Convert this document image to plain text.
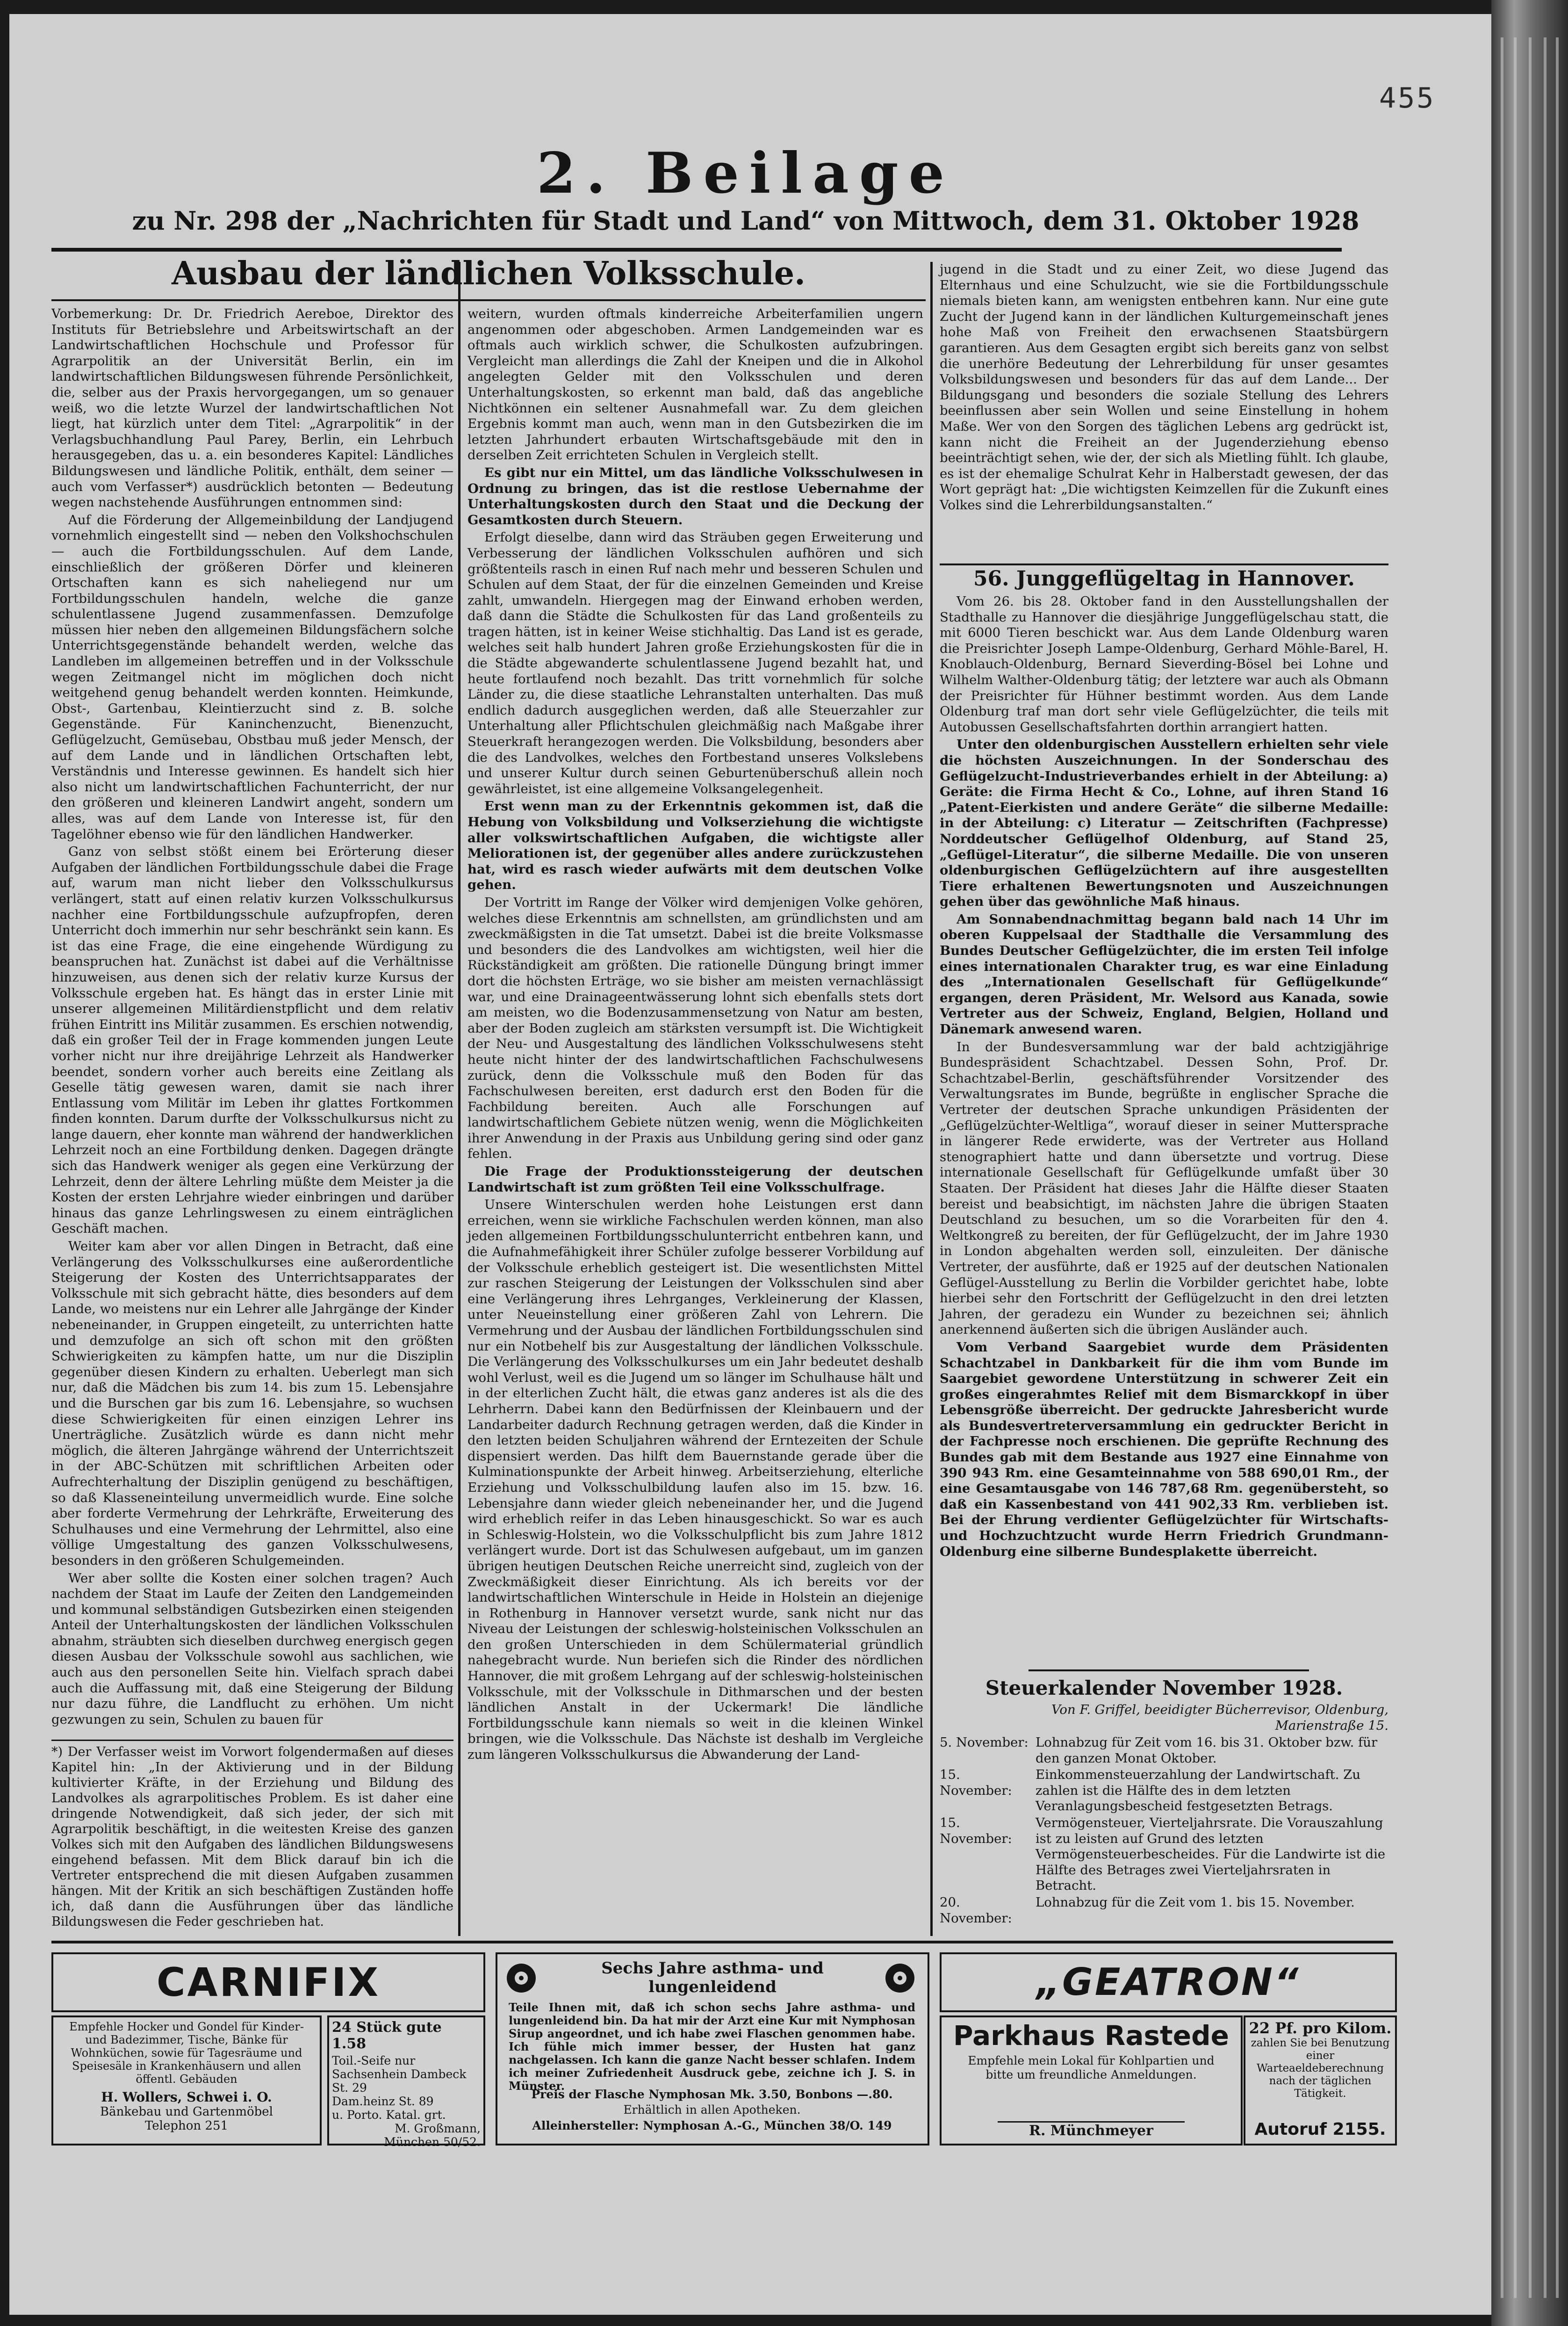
455
2. Beilage
zu Nr. 298 der „Nachrichten für Stadt und Land“ von Mittwoch, dem 31. Oktober 1928
Ausbau der ländlichen Volksschule.

Vorbemerkung: Dr. Dr. Friedrich Aereboe, Direktor des Instituts für Betriebslehre und Arbeitswirtschaft an der Landwirtschaftlichen Hochschule und Professor für Agrarpolitik an der Universität Berlin, ein im landwirtschaftlichen Bildungswesen führende Persönlichkeit, die, selber aus der Praxis hervorgegangen, um so genauer weiß, wo die letzte Wurzel der landwirtschaftlichen Not liegt, hat kürzlich unter dem Titel: „Agrarpolitik“ in der Verlagsbuchhandlung Paul Parey, Berlin, ein Lehrbuch herausgegeben, das u. a. ein besonderes Kapitel: Ländliches Bildungswesen und ländliche Politik, enthält, dem seiner — auch vom Verfasser*) ausdrücklich betonten — Bedeutung wegen nachstehende Ausführungen entnommen sind:

Auf die Förderung der Allgemeinbildung der Landjugend vornehmlich eingestellt sind — neben den Volkshochschulen — auch die Fortbildungsschulen. Auf dem Lande, einschließlich der größeren Dörfer und kleineren Ortschaften kann es sich naheliegend nur um Fortbildungsschulen handeln, welche die ganze schulentlassene Jugend zusammenfassen. Demzufolge müssen hier neben den allgemeinen Bildungsfächern solche Unterrichtsgegenstände behandelt werden, welche das Landleben im allgemeinen betreffen und in der Volksschule wegen Zeitmangel nicht im möglichen doch nicht weitgehend genug behandelt werden konnten. Heimkunde, Obst-, Gartenbau, Kleintierzucht sind z. B. solche Gegenstände. Für Kaninchenzucht, Bienenzucht, Geflügelzucht, Gemüsebau, Obstbau muß jeder Mensch, der auf dem Lande und in ländlichen Ortschaften lebt, Verständnis und Interesse gewinnen. Es handelt sich hier also nicht um landwirtschaftlichen Fachunterricht, der nur den größeren und kleineren Landwirt angeht, sondern um alles, was auf dem Lande von Interesse ist, für den Tagelöhner ebenso wie für den ländlichen Handwerker.

Ganz von selbst stößt einem bei Erörterung dieser Aufgaben der ländlichen Fortbildungsschule dabei die Frage auf, warum man nicht lieber den Volksschulkursus verlängert, statt auf einen relativ kurzen Volksschulkursus nachher eine Fortbildungsschule aufzupfropfen, deren Unterricht doch immerhin nur sehr beschränkt sein kann. Es ist das eine Frage, die eine eingehende Würdigung zu beanspruchen hat. Zunächst ist dabei auf die Verhältnisse hinzuweisen, aus denen sich der relativ kurze Kursus der Volksschule ergeben hat. Es hängt das in erster Linie mit unserer allgemeinen Militärdienstpflicht und dem relativ frühen Eintritt ins Militär zusammen. Es erschien notwendig, daß ein großer Teil der in Frage kommenden jungen Leute vorher nicht nur ihre dreijährige Lehrzeit als Handwerker beendet, sondern vorher auch bereits eine Zeitlang als Geselle tätig gewesen waren, damit sie nach ihrer Entlassung vom Militär im Leben ihr glattes Fortkommen finden konnten. Darum durfte der Volksschulkursus nicht zu lange dauern, eher konnte man während der handwerklichen Lehrzeit noch an eine Fortbildung denken. Dagegen drängte sich das Handwerk weniger als gegen eine Verkürzung der Lehrzeit, denn der ältere Lehrling müßte dem Meister ja die Kosten der ersten Lehrjahre wieder einbringen und darüber hinaus das ganze Lehrlingswesen zu einem einträglichen Geschäft machen.

Weiter kam aber vor allen Dingen in Betracht, daß eine Verlängerung des Volksschulkurses eine außerordentliche Steigerung der Kosten des Unterrichtsapparates der Volksschule mit sich gebracht hätte, dies besonders auf dem Lande, wo meistens nur ein Lehrer alle Jahrgänge der Kinder nebeneinander, in Gruppen eingeteilt, zu unterrichten hatte und demzufolge an sich oft schon mit den größten Schwierigkeiten zu kämpfen hatte, um nur die Disziplin gegenüber diesen Kindern zu erhalten. Ueberlegt man sich nur, daß die Mädchen bis zum 14. bis zum 15. Lebensjahre und die Burschen gar bis zum 16. Lebensjahre, so wuchsen diese Schwierigkeiten für einen einzigen Lehrer ins Unerträgliche. Zusätzlich würde es dann nicht mehr möglich, die älteren Jahrgänge während der Unterrichtszeit in der ABC-Schützen mit schriftlichen Arbeiten oder Aufrechterhaltung der Disziplin genügend zu beschäftigen, so daß Klasseneinteilung unvermeidlich wurde. Eine solche aber forderte Vermehrung der Lehrkräfte, Erweiterung des Schulhauses und eine Vermehrung der Lehrmittel, also eine völlige Umgestaltung des ganzen Volksschulwesens, besonders in den größeren Schulgemeinden.

Wer aber sollte die Kosten einer solchen tragen? Auch nachdem der Staat im Laufe der Zeiten den Landgemeinden und kommunal selbständigen Gutsbezirken einen steigenden Anteil der Unterhaltungskosten der ländlichen Volksschulen abnahm, sträubten sich dieselben durchweg energisch gegen diesen Ausbau der Volksschule sowohl aus sachlichen, wie auch aus den personellen Seite hin. Vielfach sprach dabei auch die Auffassung mit, daß eine Steigerung der Bildung nur dazu führe, die Landflucht zu erhöhen. Um nicht gezwungen zu sein, Schulen zu bauen für

*) Der Verfasser weist im Vorwort folgendermaßen auf dieses Kapitel hin: „In der Aktivierung und in der Bildung kultivierter Kräfte, in der Erziehung und Bildung des Landvolkes als agrarpolitisches Problem. Es ist daher eine dringende Notwendigkeit, daß sich jeder, der sich mit Agrarpolitik beschäftigt, in die weitesten Kreise des ganzen Volkes sich mit den Aufgaben des ländlichen Bildungswesens eingehend befassen. Mit dem Blick darauf bin ich die Vertreter entsprechend die mit diesen Aufgaben zusammen hängen. Mit der Kritik an sich beschäftigen Zuständen hoffe ich, daß dann die Ausführungen über das ländliche Bildungswesen die Feder geschrieben hat.

weitern, wurden oftmals kinderreiche Arbeiterfamilien ungern angenommen oder abgeschoben. Armen Landgemeinden war es oftmals auch wirklich schwer, die Schulkosten aufzubringen. Vergleicht man allerdings die Zahl der Kneipen und die in Alkohol angelegten Gelder mit den Volksschulen und deren Unterhaltungskosten, so erkennt man bald, daß das angebliche Nichtkönnen ein seltener Ausnahmefall war. Zu dem gleichen Ergebnis kommt man auch, wenn man in den Gutsbezirken die im letzten Jahrhundert erbauten Wirtschaftsgebäude mit den in derselben Zeit errichteten Schulen in Vergleich stellt.

Es gibt nur ein Mittel, um das ländliche Volksschulwesen in Ordnung zu bringen, das ist die restlose Uebernahme der Unterhaltungskosten durch den Staat und die Deckung der Gesamtkosten durch Steuern.

Erfolgt dieselbe, dann wird das Sträuben gegen Erweiterung und Verbesserung der ländlichen Volksschulen aufhören und sich größtenteils rasch in einen Ruf nach mehr und besseren Schulen und Schulen auf dem Staat, der für die einzelnen Gemeinden und Kreise zahlt, umwandeln. Hiergegen mag der Einwand erhoben werden, daß dann die Städte die Schulkosten für das Land großenteils zu tragen hätten, ist in keiner Weise stichhaltig. Das Land ist es gerade, welches seit halb hundert Jahren große Erziehungskosten für die in die Städte abgewanderte schulentlassene Jugend bezahlt hat, und heute fortlaufend noch bezahlt. Das tritt vornehmlich für solche Länder zu, die diese staatliche Lehranstalten unterhalten. Das muß endlich dadurch ausgeglichen werden, daß alle Steuerzahler zur Unterhaltung aller Pflichtschulen gleichmäßig nach Maßgabe ihrer Steuerkraft herangezogen werden. Die Volksbildung, besonders aber die des Landvolkes, welches den Fortbestand unseres Volkslebens und unserer Kultur durch seinen Geburtenüberschuß allein noch gewährleistet, ist eine allgemeine Volksangelegenheit.

Erst wenn man zu der Erkenntnis gekommen ist, daß die Hebung von Volksbildung und Volkserziehung die wichtigste aller volkswirtschaftlichen Aufgaben, die wichtigste aller Meliorationen ist, der gegenüber alles andere zurückzustehen hat, wird es rasch wieder aufwärts mit dem deutschen Volke gehen.

Der Vortritt im Range der Völker wird demjenigen Volke gehören, welches diese Erkenntnis am schnellsten, am gründlichsten und am zweckmäßigsten in die Tat umsetzt. Dabei ist die breite Volksmasse und besonders die des Landvolkes am wichtigsten, weil hier die Rückständigkeit am größten. Die rationelle Düngung bringt immer dort die höchsten Erträge, wo sie bisher am meisten vernachlässigt war, und eine Drainageentwässerung lohnt sich ebenfalls stets dort am meisten, wo die Bodenzusammensetzung von Natur am besten, aber der Boden zugleich am stärksten versumpft ist. Die Wichtigkeit der Neu- und Ausgestaltung des ländlichen Volksschulwesens steht heute nicht hinter der des landwirtschaftlichen Fachschulwesens zurück, denn die Volksschule muß den Boden für das Fachschulwesen bereiten, erst dadurch erst den Boden für die Fachbildung bereiten. Auch alle Forschungen auf landwirtschaftlichem Gebiete nützen wenig, wenn die Möglichkeiten ihrer Anwendung in der Praxis aus Unbildung gering sind oder ganz fehlen.

Die Frage der Produktionssteigerung der deutschen Landwirtschaft ist zum größten Teil eine Volksschulfrage.

Unsere Winterschulen werden hohe Leistungen erst dann erreichen, wenn sie wirkliche Fachschulen werden können, man also jeden allgemeinen Fortbildungsschulunterricht entbehren kann, und die Aufnahmefähigkeit ihrer Schüler zufolge besserer Vorbildung auf der Volksschule erheblich gesteigert ist. Die wesentlichsten Mittel zur raschen Steigerung der Leistungen der Volksschulen sind aber eine Verlängerung ihres Lehrganges, Verkleinerung der Klassen, unter Neueinstellung einer größeren Zahl von Lehrern. Die Vermehrung und der Ausbau der ländlichen Fortbildungsschulen sind nur ein Notbehelf bis zur Ausgestaltung der ländlichen Volksschule. Die Verlängerung des Volksschulkurses um ein Jahr bedeutet deshalb wohl Verlust, weil es die Jugend um so länger im Schulhause hält und in der elterlichen Zucht hält, die etwas ganz anderes ist als die des Lehrherrn. Dabei kann den Bedürfnissen der Kleinbauern und der Landarbeiter dadurch Rechnung getragen werden, daß die Kinder in den letzten beiden Schuljahren während der Erntezeiten der Schule dispensiert werden. Das hilft dem Bauernstande gerade über die Kulminationspunkte der Arbeit hinweg. Arbeitserziehung, elterliche Erziehung und Volksschulbildung laufen also im 15. bzw. 16. Lebensjahre dann wieder gleich nebeneinander her, und die Jugend wird erheblich reifer in das Leben hinausgeschickt. So war es auch in Schleswig-Holstein, wo die Volksschulpflicht bis zum Jahre 1812 verlängert wurde. Dort ist das Schulwesen aufgebaut, um im ganzen übrigen heutigen Deutschen Reiche unerreicht sind, zugleich von der Zweckmäßigkeit dieser Einrichtung. Als ich bereits vor der landwirtschaftlichen Winterschule in Heide in Holstein an diejenige in Rothenburg in Hannover versetzt wurde, sank nicht nur das Niveau der Leistungen der schleswig-holsteinischen Volksschulen an den großen Unterschieden in dem Schülermaterial gründlich nahegebracht wurde. Nun beriefen sich die Rinder des nördlichen Hannover, die mit großem Lehrgang auf der schleswig-holsteinischen Volksschule, mit der Volksschule in Dithmarschen und der besten ländlichen Anstalt in der Uckermark! Die ländliche Fortbildungsschule kann niemals so weit in die kleinen Winkel bringen, wie die Volksschule. Das Nächste ist deshalb im Vergleiche zum längeren Volksschulkursus die Abwanderung der Land-

jugend in die Stadt und zu einer Zeit, wo diese Jugend das Elternhaus und eine Schulzucht, wie sie die Fortbildungsschule niemals bieten kann, am wenigsten entbehren kann. Nur eine gute Zucht der Jugend kann in der ländlichen Kulturgemeinschaft jenes hohe Maß von Freiheit den erwachsenen Staatsbürgern garantieren. Aus dem Gesagten ergibt sich bereits ganz von selbst die unerhöre Bedeutung der Lehrerbildung für unser gesamtes Volksbildungswesen und besonders für das auf dem Lande... Der Bildungsgang und besonders die soziale Stellung des Lehrers beeinflussen aber sein Wollen und seine Einstellung in hohem Maße. Wer von den Sorgen des täglichen Lebens arg gedrückt ist, kann nicht die Freiheit an der Jugenderziehung ebenso beeinträchtigt sehen, wie der, der sich als Mietling fühlt. Ich glaube, es ist der ehemalige Schulrat Kehr in Halberstadt gewesen, der das Wort geprägt hat: „Die wichtigsten Keimzellen für die Zukunft eines Volkes sind die Lehrerbildungsanstalten.“
56. Junggeflügeltag in Hannover.

Vom 26. bis 28. Oktober fand in den Ausstellungshallen der Stadthalle zu Hannover die diesjährige Junggeflügelschau statt, die mit 6000 Tieren beschickt war. Aus dem Lande Oldenburg waren die Preisrichter Joseph Lampe-Oldenburg, Gerhard Möhle-Barel, H. Knoblauch-Oldenburg, Bernard Sieverding-Bösel bei Lohne und Wilhelm Walther-Oldenburg tätig; der letztere war auch als Obmann der Preisrichter für Hühner bestimmt worden. Aus dem Lande Oldenburg traf man dort sehr viele Geflügelzüchter, die teils mit Autobussen Gesellschaftsfahrten dorthin arrangiert hatten.

Unter den oldenburgischen Ausstellern erhielten sehr viele die höchsten Auszeichnungen. In der Sonderschau des Geflügelzucht-Industrieverbandes erhielt in der Abteilung: a) Geräte: die Firma Hecht & Co., Lohne, auf ihren Stand 16 „Patent-Eierkisten und andere Geräte“ die silberne Medaille: in der Abteilung: c) Literatur — Zeitschriften (Fachpresse) Norddeutscher Geflügelhof Oldenburg, auf Stand 25, „Geflügel-Literatur“, die silberne Medaille. Die von unseren oldenburgischen Geflügelzüchtern auf ihre ausgestellten Tiere erhaltenen Bewertungsnoten und Auszeichnungen gehen über das gewöhnliche Maß hinaus.

Am Sonnabendnachmittag begann bald nach 14 Uhr im oberen Kuppelsaal der Stadthalle die Versammlung des Bundes Deutscher Geflügelzüchter, die im ersten Teil infolge eines internationalen Charakter trug, es war eine Einladung des „Internationalen Gesellschaft für Geflügelkunde“ ergangen, deren Präsident, Mr. Welsord aus Kanada, sowie Vertreter aus der Schweiz, England, Belgien, Holland und Dänemark anwesend waren.

In der Bundesversammlung war der bald achtzigjährige Bundespräsident Schachtzabel. Dessen Sohn, Prof. Dr. Schachtzabel-Berlin, geschäftsführender Vorsitzender des Verwaltungsrates im Bunde, begrüßte in englischer Sprache die Vertreter der deutschen Sprache unkundigen Präsidenten der „Geflügelzüchter-Weltliga“, worauf dieser in seiner Muttersprache in längerer Rede erwiderte, was der Vertreter aus Holland stenographiert hatte und dann übersetzte und vortrug. Diese internationale Gesellschaft für Geflügelkunde umfaßt über 30 Staaten. Der Präsident hat dieses Jahr die Hälfte dieser Staaten bereist und beabsichtigt, im nächsten Jahre die übrigen Staaten Deutschland zu besuchen, um so die Vorarbeiten für den 4. Weltkongreß zu bereiten, der für Geflügelzucht, der im Jahre 1930 in London abgehalten werden soll, einzuleiten. Der dänische Vertreter, der ausführte, daß er 1925 auf der deutschen Nationalen Geflügel-Ausstellung zu Berlin die Vorbilder gerichtet habe, lobte hierbei sehr den Fortschritt der Geflügelzucht in den drei letzten Jahren, der geradezu ein Wunder zu bezeichnen sei; ähnlich anerkennend äußerten sich die übrigen Ausländer auch.

Vom Verband Saargebiet wurde dem Präsidenten Schachtzabel in Dankbarkeit für die ihm vom Bunde im Saargebiet gewordene Unterstützung in schwerer Zeit ein großes eingerahmtes Relief mit dem Bismarckkopf in über Lebensgröße überreicht. Der gedruckte Jahresbericht wurde als Bundesvertreterversammlung ein gedruckter Bericht in der Fachpresse noch erschienen. Die geprüfte Rechnung des Bundes gab mit dem Bestande aus 1927 eine Einnahme von 390 943 Rm. eine Gesamteinnahme von 588 690,01 Rm., der eine Gesamtausgabe von 146 787,68 Rm. gegenübersteht, so daß ein Kassenbestand von 441 902,33 Rm. verblieben ist. Bei der Ehrung verdienter Geflügelzüchter für Wirtschafts- und Hochzuchtzucht wurde Herrn Friedrich Grundmann-Oldenburg eine silberne Bundesplakette überreicht.

Steuerkalender November 1928.
Von F. Griffel, beeidigter Bücherrevisor, Oldenburg, Marienstraße 15.
5. November:	Lohnabzug für Zeit vom 16. bis 31. Oktober bzw. für den ganzen Monat Oktober.
15. November:	Einkommensteuerzahlung der Landwirtschaft. Zu zahlen ist die Hälfte des in dem letzten Veranlagungsbescheid festgesetzten Betrags.
15. November:	Vermögensteuer, Vierteljahrsrate. Die Vorauszahlung ist zu leisten auf Grund des letzten Vermögensteuerbescheides. Für die Landwirte ist die Hälfte des Betrages zwei Vierteljahrsraten in Betracht.
20. November:	Lohnabzug für die Zeit vom 1. bis 15. November.
CARNIFIX
Empfehle Hocker und Gondel für Kinder- und Badezimmer, Tische, Bänke für Wohnküchen, sowie für Tagesräume und Speisesäle in Krankenhäusern und allen öffentl. Gebäuden
H. Wollers, Schwei i. O.
Bänkebau und Gartenmöbel
Telephon 251
24 Stück gute 1.58
Toil.-Seife nur
Sachsenhein Dambeck St. 29
Dam.heinz St. 89
u. Porto. Katal. grt.
M. Großmann,
München 50/52.
Sechs Jahre asthma- und lungenleidend
Teile Ihnen mit, daß ich schon sechs Jahre asthma- und lungenleidend bin. Da hat mir der Arzt eine Kur mit Nymphosan Sirup angeordnet, und ich habe zwei Flaschen genommen habe. Ich fühle mich immer besser, der Husten hat ganz nachgelassen. Ich kann die ganze Nacht besser schlafen. Indem ich meiner Zufriedenheit Ausdruck gebe, zeichne ich J. S. in Münster.
Preis der Flasche Nymphosan Mk. 3.50, Bonbons —.80.
Erhältlich in allen Apotheken.
Alleinhersteller: Nymphosan A.-G., München 38/O. 149
„GEATRON“
Parkhaus Rastede
Empfehle mein Lokal für Kohlpartien und bitte um freundliche Anmeldungen.
R. Münchmeyer
22 Pf. pro Kilom.
zahlen Sie bei Benutzung einer Warteaeldeberechnung nach der täglichen Tätigkeit.
Autoruf 2155.
